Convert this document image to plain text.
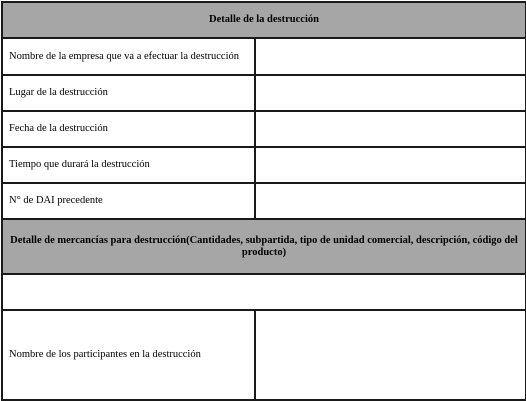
Detalle de la destrucción	
Nombre de la empresa que va a efectuar la destrucción	
Lugar de la destrucción	
Fecha de la destrucción	
Tiempo que durará la destrucción	
N° de DAI precedente	
Detalle de mercancías para destrucción(Cantidades, subpartida, tipo de unidad comercial, descripción, código del producto)	

Nombre de los participantes en la destrucción	
